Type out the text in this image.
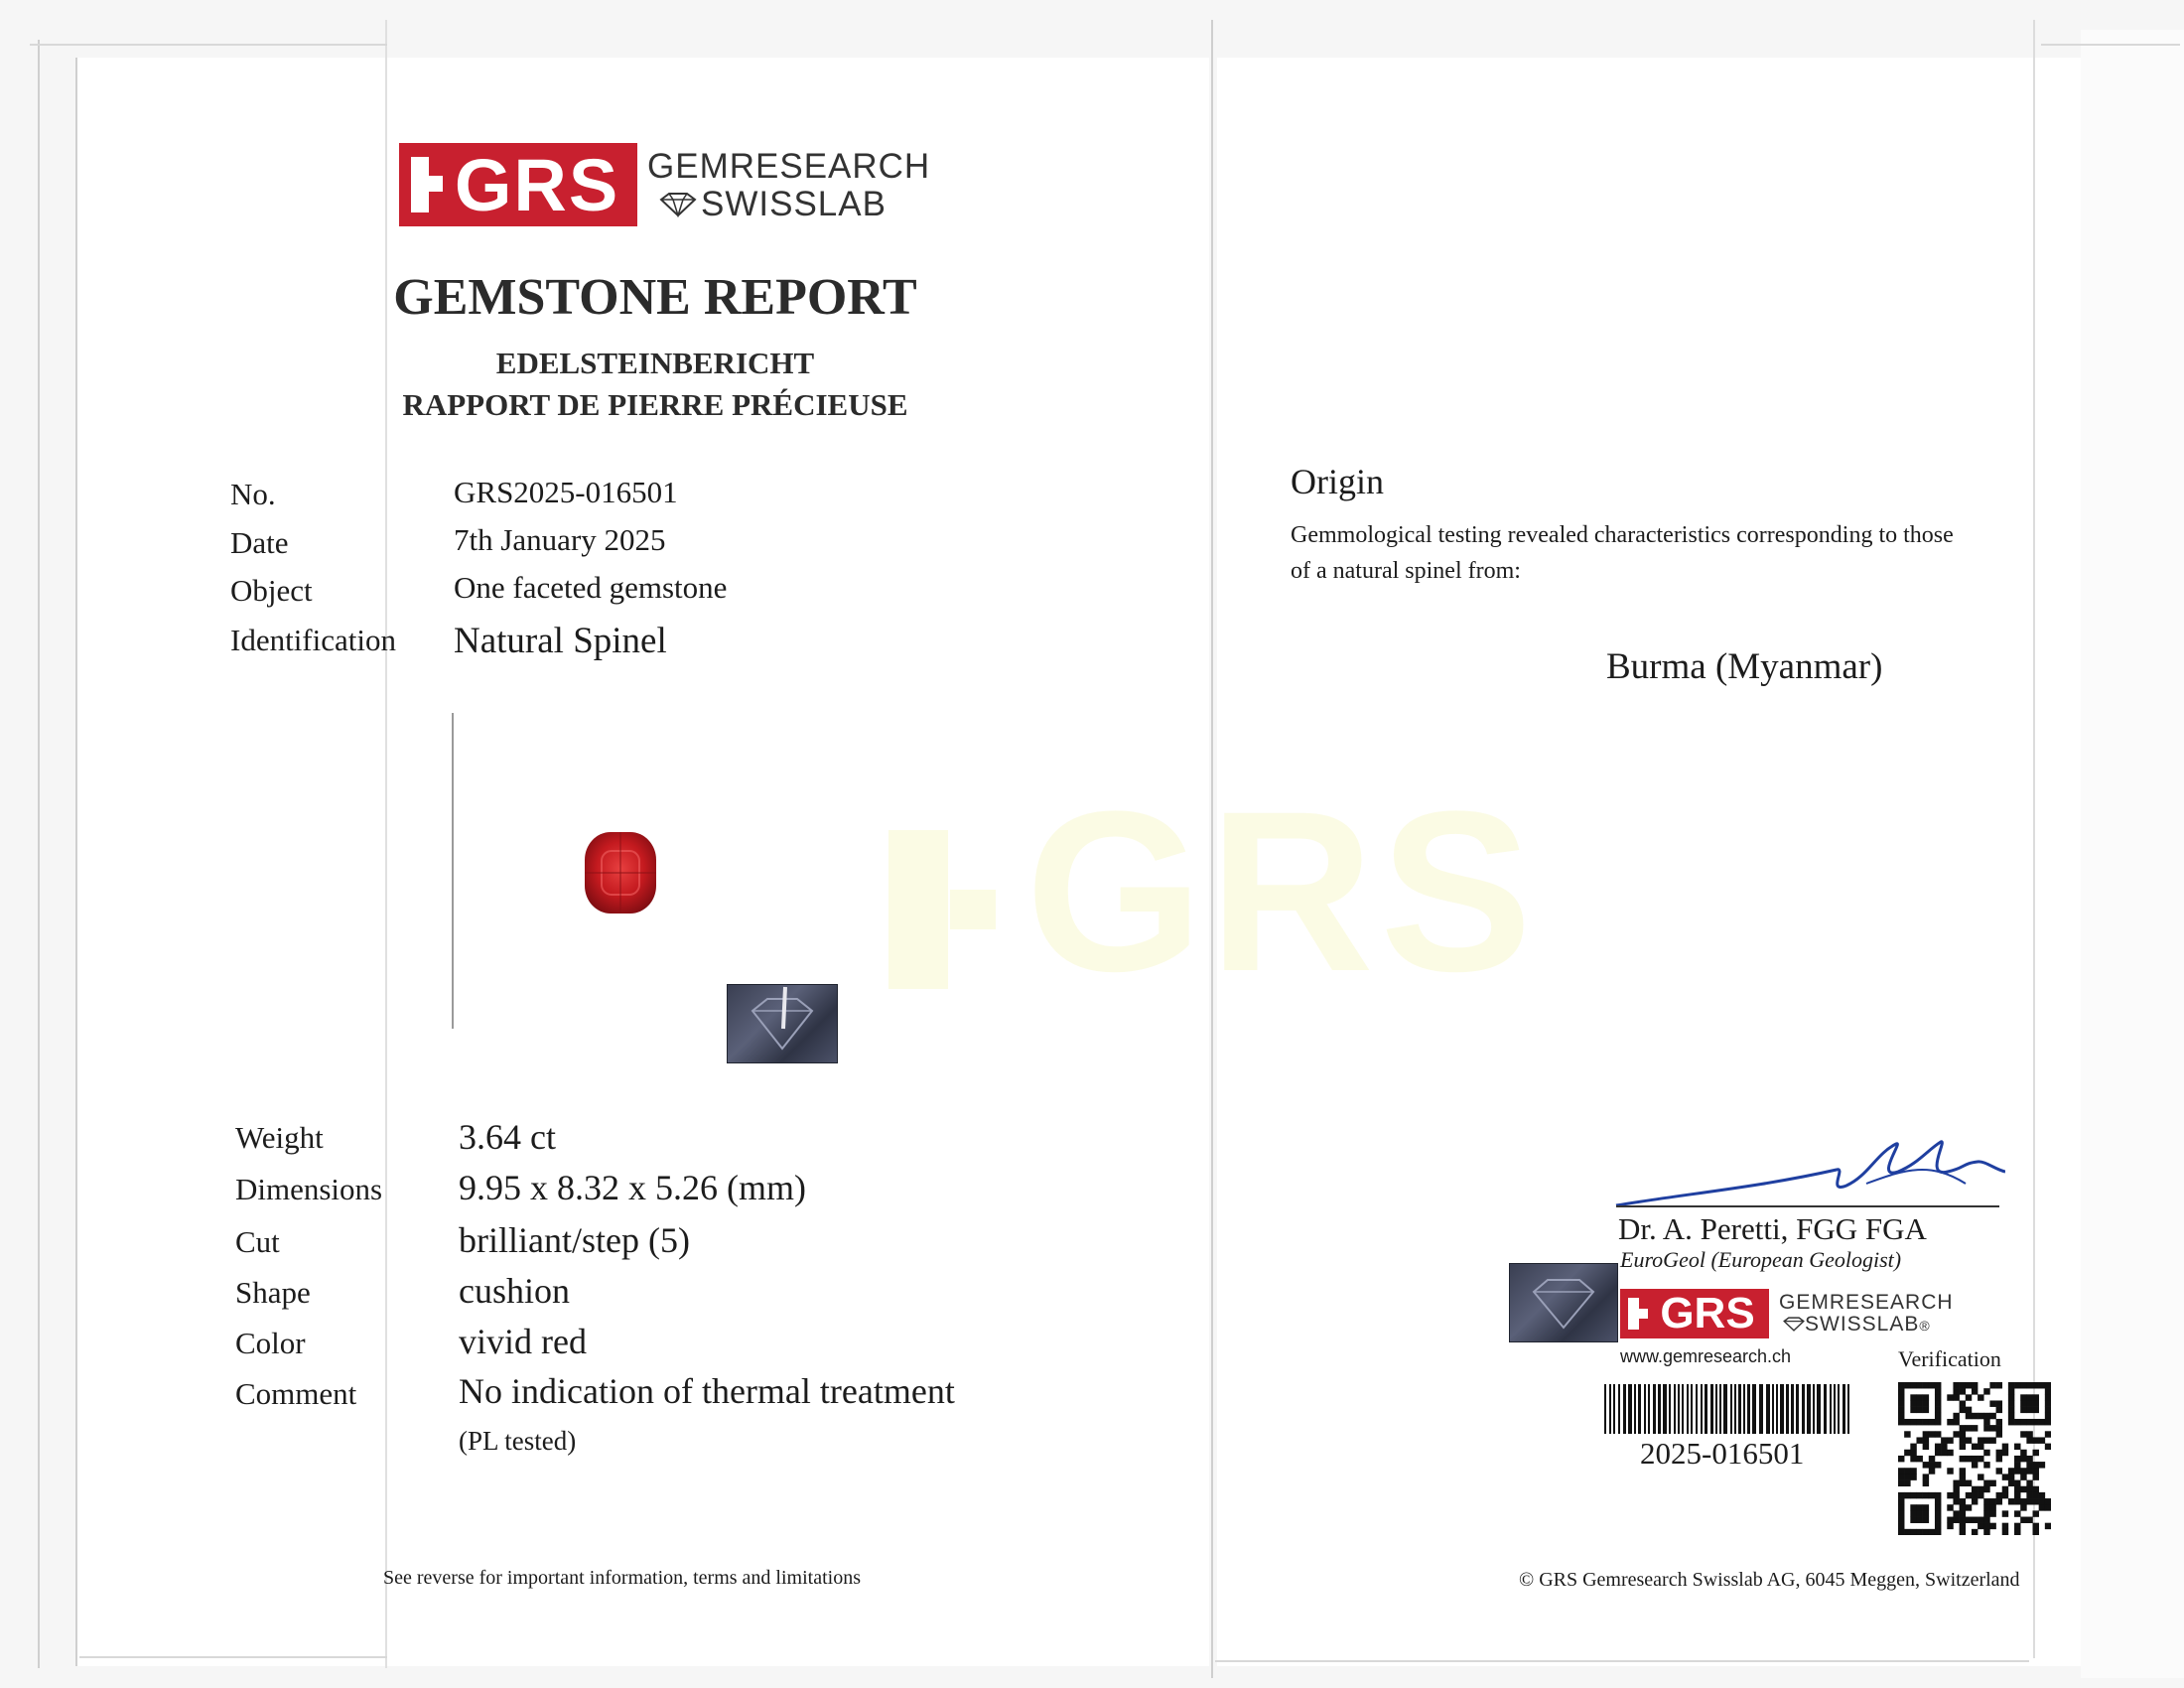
GRS
GRS GEMRESEARCH
SWISSLAB
GEMSTONE REPORT
EDELSTEINBERICHT
RAPPORT DE PIERRE PRÉCIEUSE
No.	GRS2025-016501
Date	7th January 2025
Object	One faceted gemstone
Identification Natural Spinel
Weight	3.64 ct
Dimensions 9.95 x 8.32 x 5.26 (mm)
Cut	brilliant/step (5)
Shape	cushion
Color	vivid red
Comment	No indication of thermal treatment
(PL tested)
See reverse for important information, terms and limitations
Origin
Gemmological testing revealed characteristics corresponding to those
of a natural spinel from:
Burma (Myanmar)
Dr. A. Peretti, FGG FGA
EuroGeol (European Geologist)
GRS GEMRESEARCH
SWISSLAB®
www.gemresearch.ch	Verification
2025-016501
© GRS Gemresearch Swisslab AG, 6045 Meggen, Switzerland
